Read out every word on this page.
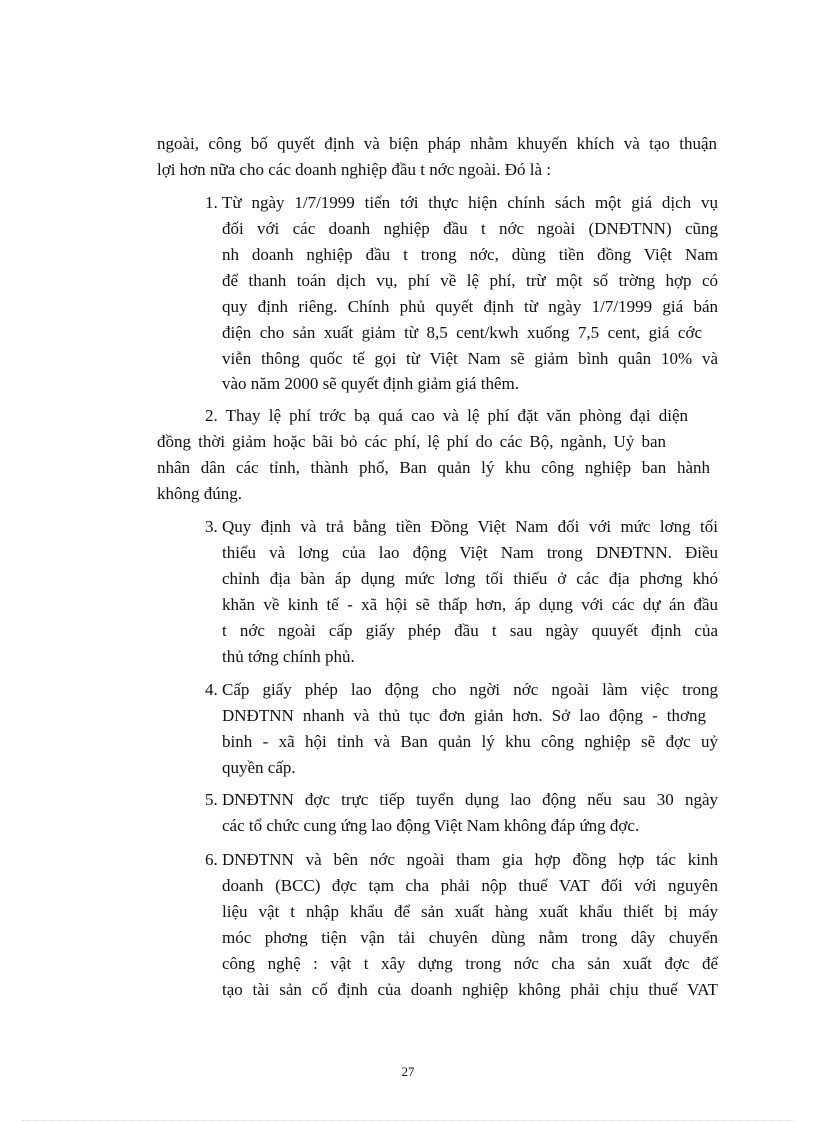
ngoài, công bố quyết định và biện pháp nhằm khuyến khích và tạo thuận
lợi hơn nữa cho các doanh nghiệp đầu t nớc ngoài. Đó là :
1. Từ ngày 1/7/1999 tiến tới thực hiện chính sách một giá dịch vụ
đối với các doanh nghiệp đầu t nớc ngoài (DNĐTNN) cũng
nh doanh nghiệp đầu t trong nớc, dùng tiền đồng Việt Nam
để thanh toán dịch vụ, phí về lệ phí, trừ một số trờng hợp có
quy định riêng. Chính phủ quyết định từ ngày 1/7/1999 giá bán
điện cho sản xuất giảm từ 8,5 cent/kwh xuống 7,5 cent, giá cớc
viễn thông quốc tế gọi từ Việt Nam sẽ giảm bình quân 10% và
vào năm 2000 sẽ quyết định giảm giá thêm.
2. Thay lệ phí trớc bạ quá cao và lệ phí đặt văn phòng đại diện
đồng thời giảm hoặc bãi bỏ các phí, lệ phí do các Bộ, ngành, Uỷ ban
nhân dân các tỉnh, thành phố, Ban quản lý khu công nghiệp ban hành
không đúng.
3. Quy định và trả bằng tiền Đồng Việt Nam đối với mức lơng tối
thiểu và lơng của lao động Việt Nam trong DNĐTNN. Điều
chỉnh địa bàn áp dụng mức lơng tối thiểu ở các địa phơng khó
khăn về kinh tế - xã hội sẽ thấp hơn, áp dụng với các dự án đầu
t nớc ngoài cấp giấy phép đầu t sau ngày quuyết định của
thủ tớng chính phủ.
4. Cấp giấy phép lao động cho ngời nớc ngoài làm việc trong
DNĐTNN nhanh và thủ tục đơn giản hơn. Sở lao động - thơng
binh - xã hội tỉnh và Ban quản lý khu công nghiệp sẽ đợc uỷ
quyền cấp.
5. DNĐTNN đợc trực tiếp tuyển dụng lao động nếu sau 30 ngày
các tổ chức cung ứng lao động Việt Nam không đáp ứng đợc.
6. DNĐTNN và bên nớc ngoài tham gia hợp đồng hợp tác kinh
doanh (BCC) đợc tạm cha phải nộp thuế VAT đối với nguyên
liệu vật t nhập khẩu để sản xuất hàng xuất khẩu thiết bị máy
móc phơng tiện vận tải chuyên dùng nằm trong dây chuyển
công nghệ : vật t xây dựng trong nớc cha sản xuất đợc để
tạo tài sản cố định của doanh nghiệp không phải chịu thuế VAT
27
